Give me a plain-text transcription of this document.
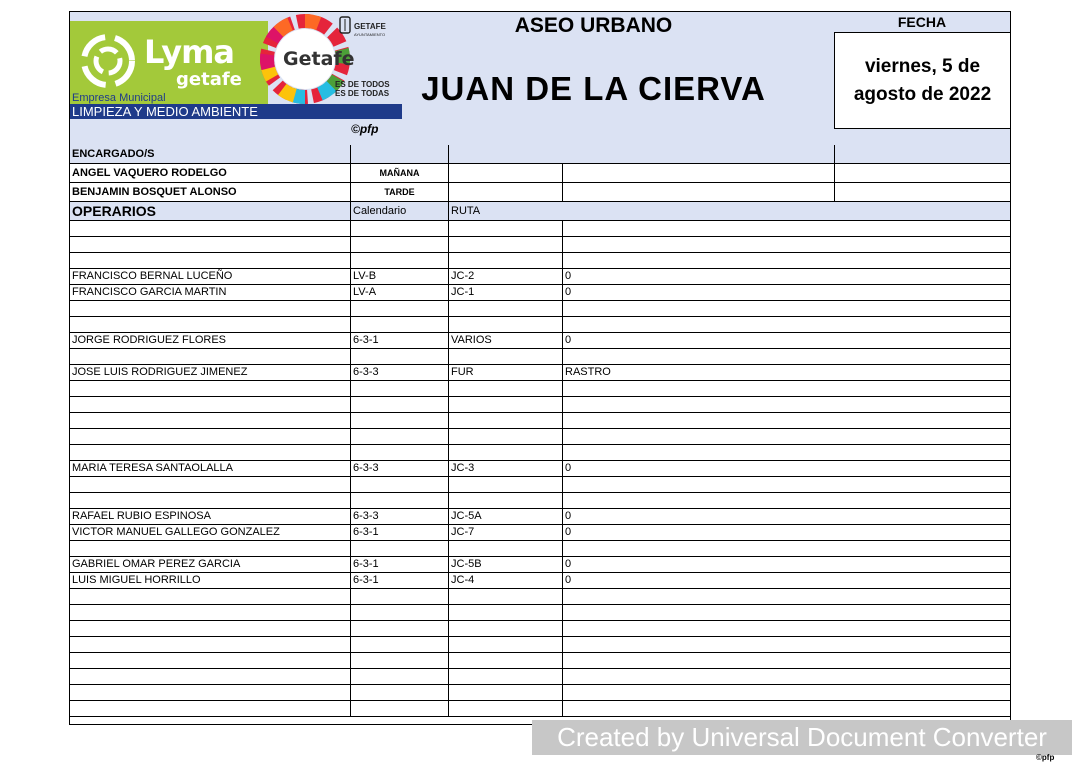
Lyma
getafe
Empresa Municipal
LIMPIEZA Y MEDIO AMBIENTE
Getafe
GETAFE
AYUNTAMIENTO
ES DE TODOS
ES DE TODAS
©pfp
ASEO URBANO
JUAN DE LA CIERVA
FECHA
viernes, 5 de agosto de 2022
ENCARGADO/S
ANGEL VAQUERO RODELGO	MAÑANA
BENJAMIN BOSQUET ALONSO	TARDE
OPERARIOS	Calendario	RUTA
FRANCISCO BERNAL LUCEÑO	LV-B	JC-2	0
FRANCISCO GARCIA MARTIN	LV-A	JC-1	0
JORGE RODRIGUEZ FLORES	6-3-1	VARIOS	0
JOSE LUIS RODRIGUEZ JIMENEZ	6-3-3	FUR	RASTRO
MARIA TERESA SANTAOLALLA	6-3-3	JC-3	0
RAFAEL RUBIO ESPINOSA	6-3-3	JC-5A	0
VICTOR MANUEL GALLEGO GONZALEZ	6-3-1	JC-7	0
GABRIEL OMAR PEREZ GARCIA	6-3-1	JC-5B	0
LUIS MIGUEL HORRILLO	6-3-1	JC-4	0
Created by Universal Document Converter
©pfp
